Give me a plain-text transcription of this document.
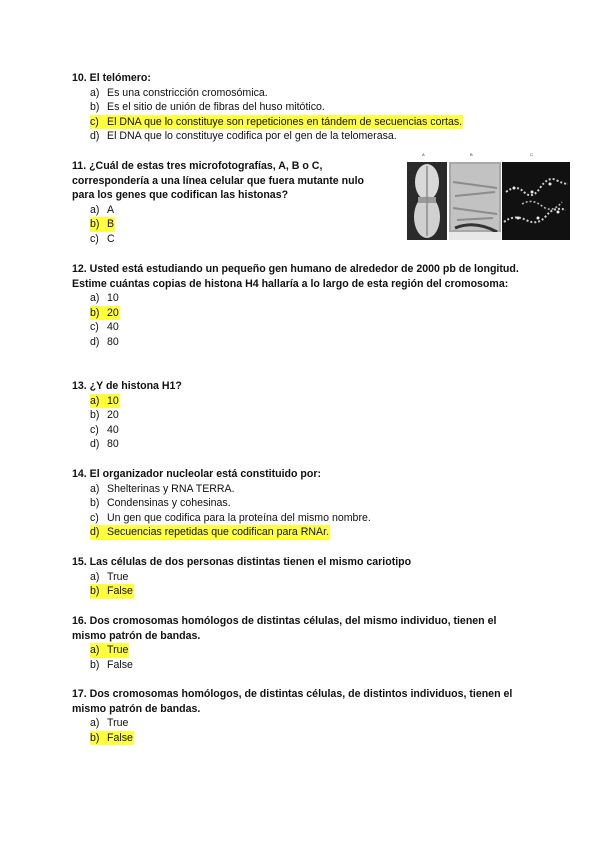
10. El telómero:

a) Es una constricción cromosómica.
b) Es el sitio de unión de fibras del huso mitótico.
c) El DNA que lo constituye son repeticiones en tándem de secuencias cortas.
d) El DNA que lo constituye codifica por el gen de la telomerasa.

11. ¿Cuál de estas tres microfotografías, A, B o C, correspondería a una línea celular que fuera mutante nulo para los genes que codifican las histonas?

a) A
b) B
c) C
A	B	C

12. Usted está estudiando un pequeño gen humano de alrededor de 2000 pb de longitud. Estime cuántas copias de histona H4 hallaría a lo largo de esta región del cromosoma:

a) 10
b) 20
c) 40
d) 80

13. ¿Y de histona H1?

a) 10
b) 20
c) 40
d) 80

14. El organizador nucleolar está constituido por:

a) Shelterinas y RNA TERRA.
b) Condensinas y cohesinas.
c) Un gen que codifica para la proteína del mismo nombre.
d) Secuencias repetidas que codifican para RNAr.

15. Las células de dos personas distintas tienen el mismo cariotipo

a) True
b) False

16. Dos cromosomas homólogos de distintas células, del mismo individuo, tienen el mismo patrón de bandas.

a) True
b) False

17. Dos cromosomas homólogos, de distintas células, de distintos individuos, tienen el mismo patrón de bandas.

a) True
b) False
